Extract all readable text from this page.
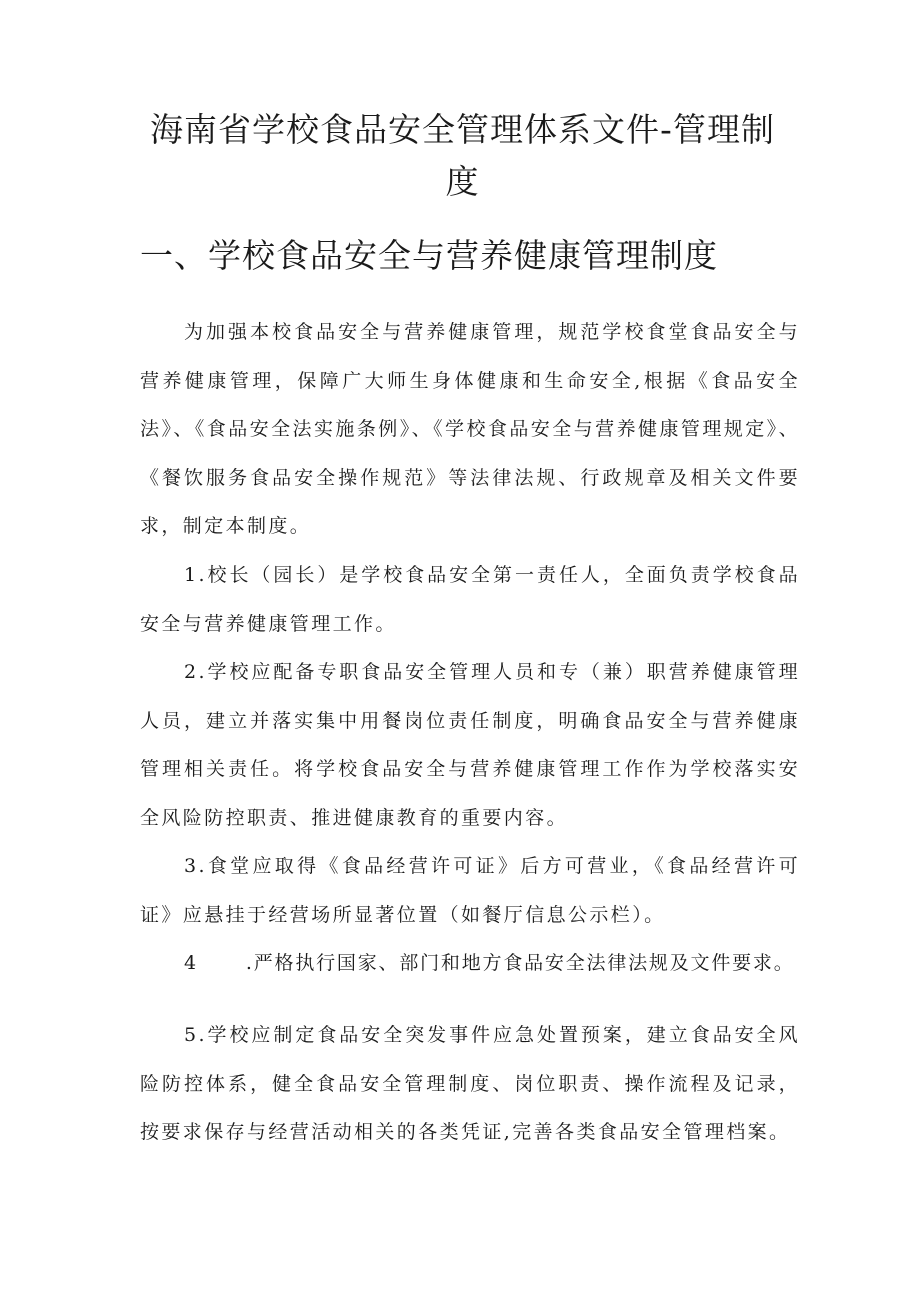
海南省学校食品安全管理体系文件-管理制度
一、学校食品安全与营养健康管理制度

为加强本校食品安全与营养健康管理，规范学校食堂食品安全与营养健康管理，保障广大师生身体健康和生命安全,根据《食品安全法》、《食品安全法实施条例》、《学校食品安全与营养健康管理规定》、《餐饮服务食品安全操作规范》等法律法规、行政规章及相关文件要求，制定本制度。

1.校长（园长）是学校食品安全第一责任人，全面负责学校食品安全与营养健康管理工作。

2.学校应配备专职食品安全管理人员和专（兼）职营养健康管理人员，建立并落实集中用餐岗位责任制度，明确食品安全与营养健康管理相关责任。将学校食品安全与营养健康管理工作作为学校落实安全风险防控职责、推进健康教育的重要内容。

3.食堂应取得《食品经营许可证》后方可营业，《食品经营许可证》应悬挂于经营场所显著位置（如餐厅信息公示栏）。

4	.严格执行国家、部门和地方食品安全法律法规及文件要求。

5.学校应制定食品安全突发事件应急处置预案，建立食品安全风险防控体系，健全食品安全管理制度、岗位职责、操作流程及记录，按要求保存与经营活动相关的各类凭证,完善各类食品安全管理档案。
